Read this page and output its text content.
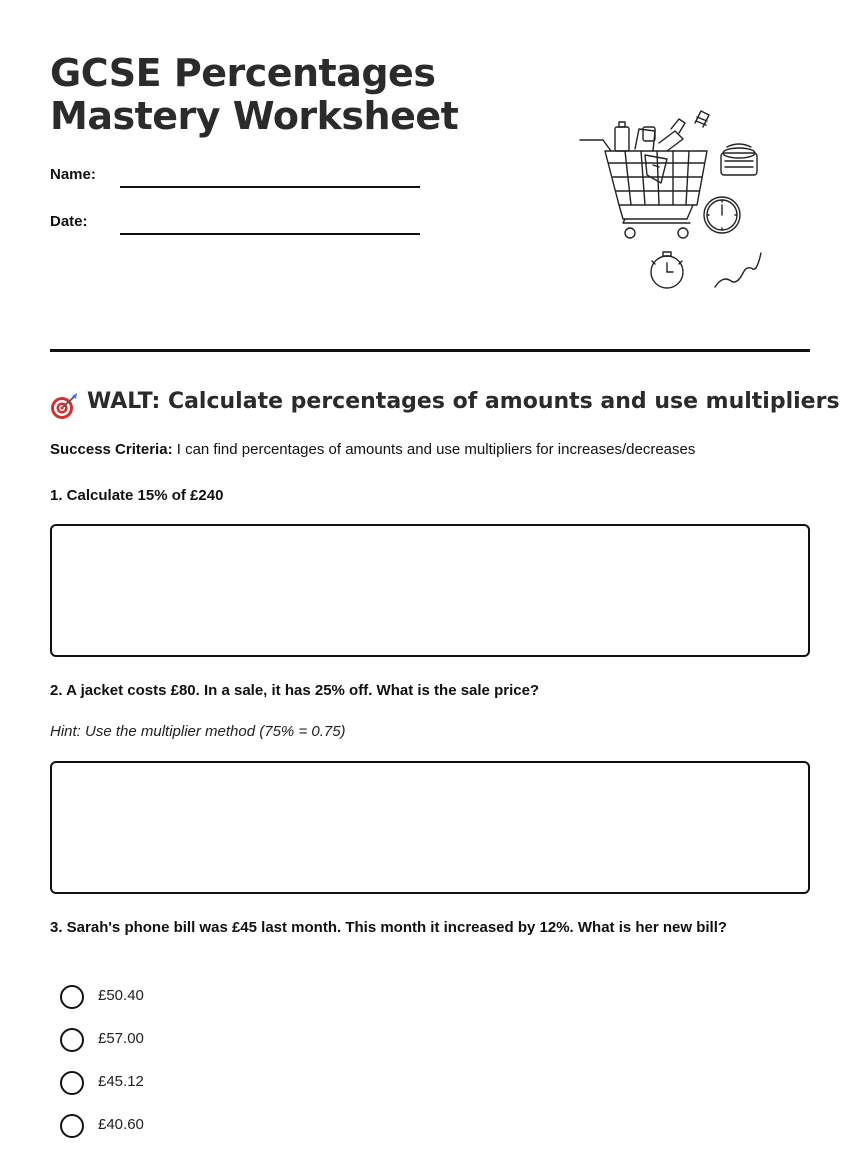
GCSE Percentages
Mastery Worksheet
Name:
Date:
WALT: Calculate percentages of amounts and use multipliers
Success Criteria: I can find percentages of amounts and use multipliers for increases/decreases
1. Calculate 15% of £240
2. A jacket costs £80. In a sale, it has 25% off. What is the sale price?
Hint: Use the multiplier method (75% = 0.75)
3. Sarah's phone bill was £45 last month. This month it increased by 12%. What is her new bill?
£50.40
£57.00
£45.12
£40.60
